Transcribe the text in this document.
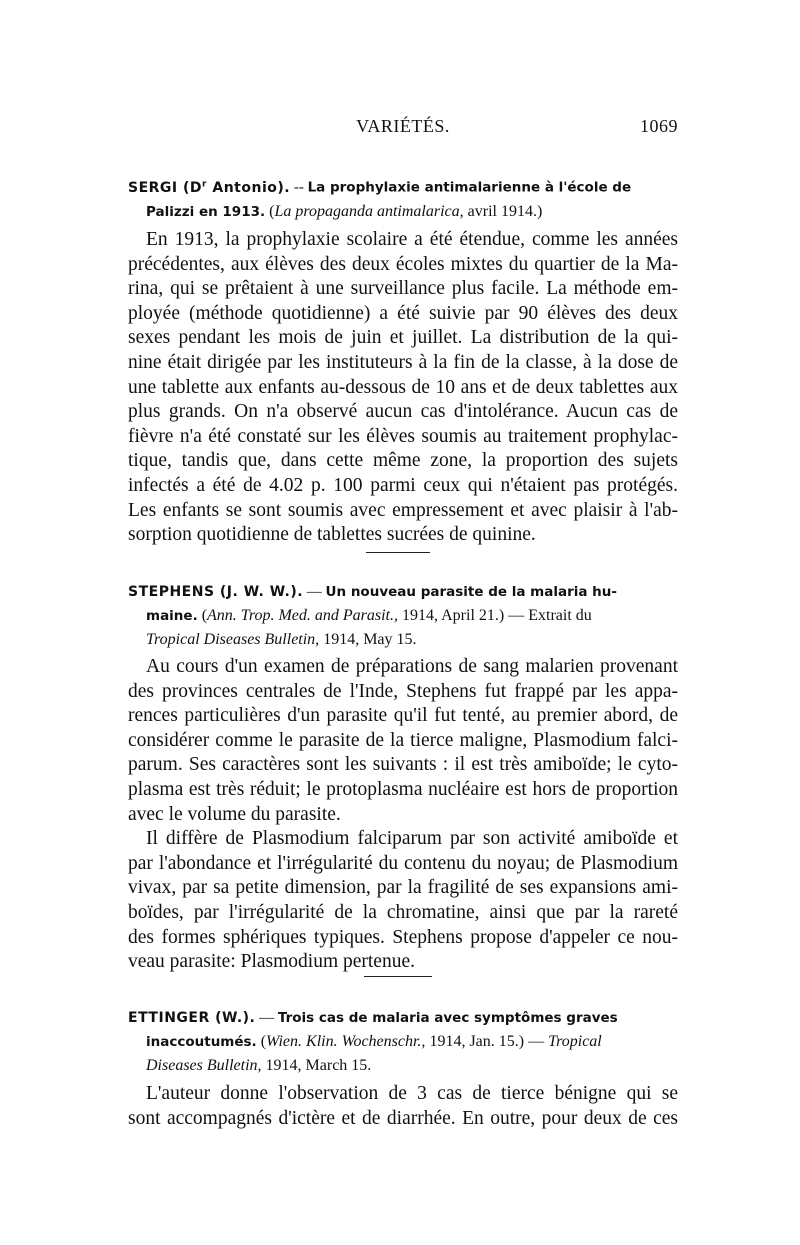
VARIÉTÉS.	1069
SERGI ($D^r$ Antonio). -- La prophylaxie antimalarienne à l'école de
Palizzi en 1913. (La propaganda antimalarica, avril 1914.)
En 1913, la prophylaxie scolaire a été étendue, comme les années
précédentes, aux élèves des deux écoles mixtes du quartier de la Ma-
rina, qui se prêtaient à une surveillance plus facile. La méthode em-
ployée (méthode quotidienne) a été suivie par 90 élèves des deux
sexes pendant les mois de juin et juillet. La distribution de la qui-
nine était dirigée par les instituteurs à la fin de la classe, à la dose de
une tablette aux enfants au-dessous de 10 ans et de deux tablettes aux
plus grands. On n'a observé aucun cas d'intolérance. Aucun cas de
fièvre n'a été constaté sur les élèves soumis au traitement prophylac-
tique, tandis que, dans cette même zone, la proportion des sujets
infectés a été de 4.02 p. 100 parmi ceux qui n'étaient pas protégés.
Les enfants se sont soumis avec empressement et avec plaisir à l'ab-
sorption quotidienne de tablettes sucrées de quinine.
STEPHENS (J. W. W.). — Un nouveau parasite de la malaria hu-
maine. (Ann. Trop. Med. and Parasit., 1914, April 21.) — Extrait du
Tropical Diseases Bulletin, 1914, May 15.
Au cours d'un examen de préparations de sang malarien provenant
des provinces centrales de l'Inde, Stephens fut frappé par les appa-
rences particulières d'un parasite qu'il fut tenté, au premier abord, de
considérer comme le parasite de la tierce maligne, Plasmodium falci-
parum. Ses caractères sont les suivants : il est très amiboïde; le cyto-
plasma est très réduit; le protoplasma nucléaire est hors de proportion
avec le volume du parasite.
Il diffère de Plasmodium falciparum par son activité amiboïde et
par l'abondance et l'irrégularité du contenu du noyau; de Plasmodium
vivax, par sa petite dimension, par la fragilité de ses expansions ami-
boïdes, par l'irrégularité de la chromatine, ainsi que par la rareté
des formes sphériques typiques. Stephens propose d'appeler ce nou-
veau parasite: Plasmodium pertenue.
ETTINGER (W.). — Trois cas de malaria avec symptômes graves
inaccoutumés. (Wien. Klin. Wochenschr., 1914, Jan. 15.) — Tropical
Diseases Bulletin, 1914, March 15.
L'auteur donne l'observation de 3 cas de tierce bénigne qui se
sont accompagnés d'ictère et de diarrhée. En outre, pour deux de ces
